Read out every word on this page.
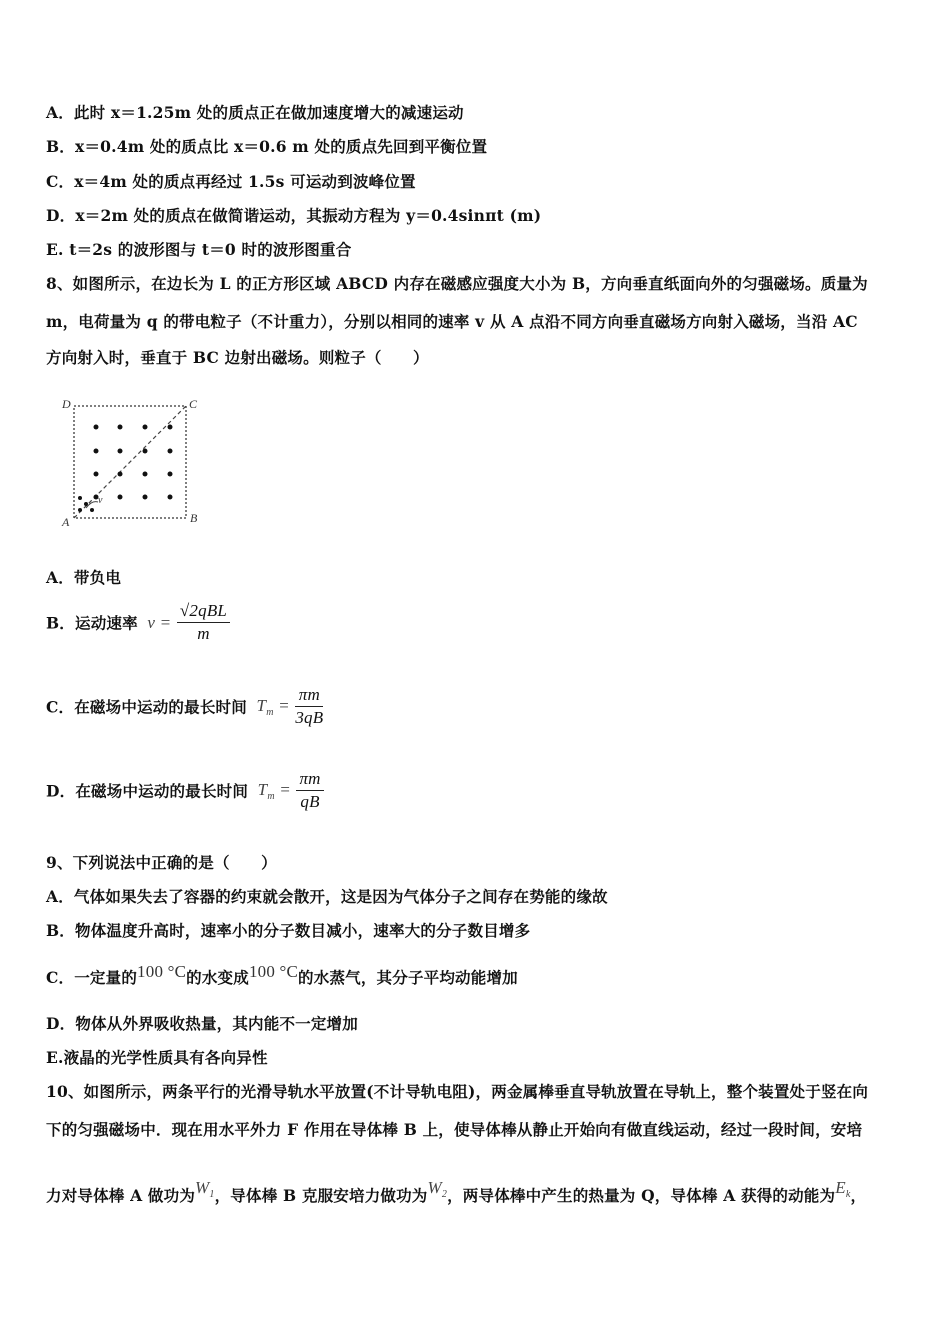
A．此时 x＝1.25m 处的质点正在做加速度增大的减速运动
B．x＝0.4m 处的质点比 x＝0.6 m 处的质点先回到平衡位置
C．x＝4m 处的质点再经过 1.5s 可运动到波峰位置
D．x＝2m 处的质点在做简谐运动，其振动方程为 y＝0.4sinπt (m)
E. t＝2s 的波形图与 t＝0 时的波形图重合
8、如图所示，在边长为 L 的正方形区域 ABCD 内存在磁感应强度大小为 B，方向垂直纸面向外的匀强磁场。质量为
m，电荷量为 q 的带电粒子（不计重力），分别以相同的速率 v 从 A 点沿不同方向垂直磁场方向射入磁场，当沿 AC
方向射入时，垂直于 BC 边射出磁场。则粒子（　　）
D	C
A	B
v
A．带负电
B．运动速率 $v = \frac{\text{√2qBL}}{m}$
C．在磁场中运动的最长时间 $T_m = \frac{\pi m}{3qB}$
D．在磁场中运动的最长时间 $T_m = \frac{\pi m}{qB}$
9、下列说法中正确的是（　　）
A．气体如果失去了容器的约束就会散开，这是因为气体分子之间存在势能的缘故
B．物体温度升高时，速率小的分子数目减小，速率大的分子数目增多
C．一定量的100 °C的水变成100 °C的水蒸气，其分子平均动能增加
D．物体从外界吸收热量，其内能不一定增加
E.液晶的光学性质具有各向异性
10、如图所示，两条平行的光滑导轨水平放置(不计导轨电阻)，两金属棒垂直导轨放置在导轨上，整个装置处于竖在向
下的匀强磁场中．现在用水平外力 F 作用在导体棒 B 上，使导体棒从静止开始向有做直线运动，经过一段时间，安培
力对导体棒 A 做功为$W_1$，导体棒 B 克服安培力做功为$W_2$，两导体棒中产生的热量为 Q，导体棒 A 获得的动能为$E_k$，
